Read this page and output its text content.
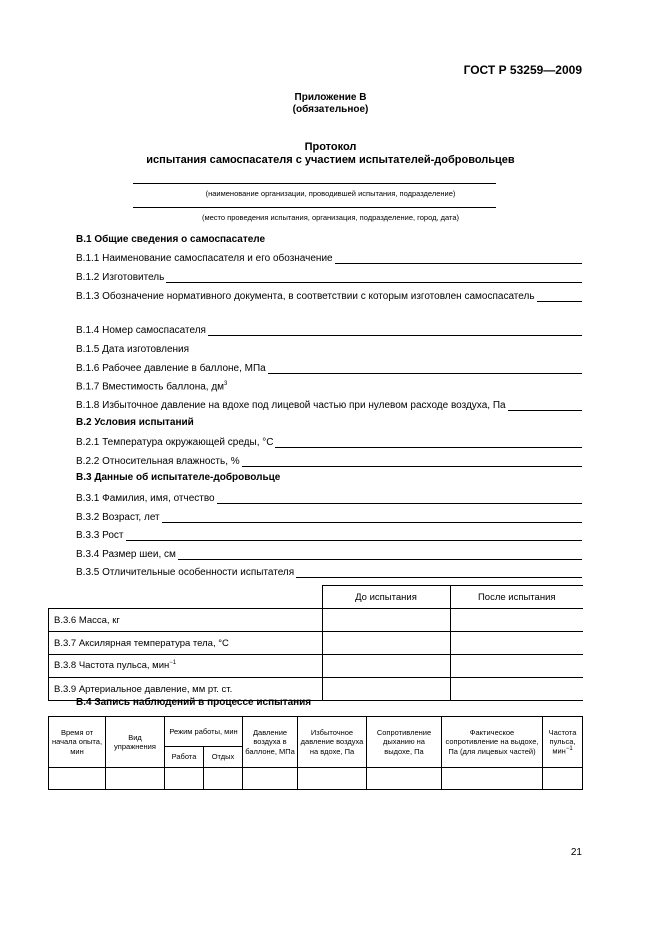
ГОСТ Р 53259—2009
Приложение В
(обязательное)
Протокол
испытания самоспасателя с участием испытателей-добровольцев
(наименование организации, проводившей испытания, подразделение)
(место проведения испытания, организация, подразделение, город, дата)
В.1 Общие сведения о самоспасателе
В.1.1 Наименование самоспасателя и его обозначение
В.1.2 Изготовитель
В.1.3 Обозначение нормативного документа, в соответствии с которым изготовлен самоспасатель
В.1.4 Номер самоспасателя
В.1.5 Дата изготовления
В.1.6 Рабочее давление в баллоне, МПа
В.1.7 Вместимость баллона, $дм^3$
В.1.8 Избыточное давление на вдохе под лицевой частью при нулевом расходе воздуха, Па
В.2 Условия испытаний
В.2.1 Температура окружающей среды, °С
В.2.2 Относительная влажность, %
В.3 Данные об испытателе-добровольце
В.3.1 Фамилия, имя, отчество
В.3.2 Возраст, лет
В.3.3 Рост
В.3.4 Размер шеи, см
В.3.5 Отличительные особенности испытателя
	До испытания	После испытания
В.3.6 Масса, кг		
В.3.7 Аксилярная температура тела, °С		
В.3.8 Частота пульса, мин$^{-1}$		
В.3.9 Артериальное давление, мм рт. ст.		
В.4 Запись наблюдений в процессе испытания
Время от начала опыта, мин	Вид упражнения	Режим работы, мин		Давление воздуха в баллоне, МПа	Избыточное давление воздуха на вдохе, Па	Сопротивление дыханию на выдохе, Па	Фактическое сопротивление на выдохе, Па (для лицевых частей)	Частота пульса, мин$^{-1}$
		Работа	Отдых					

21
